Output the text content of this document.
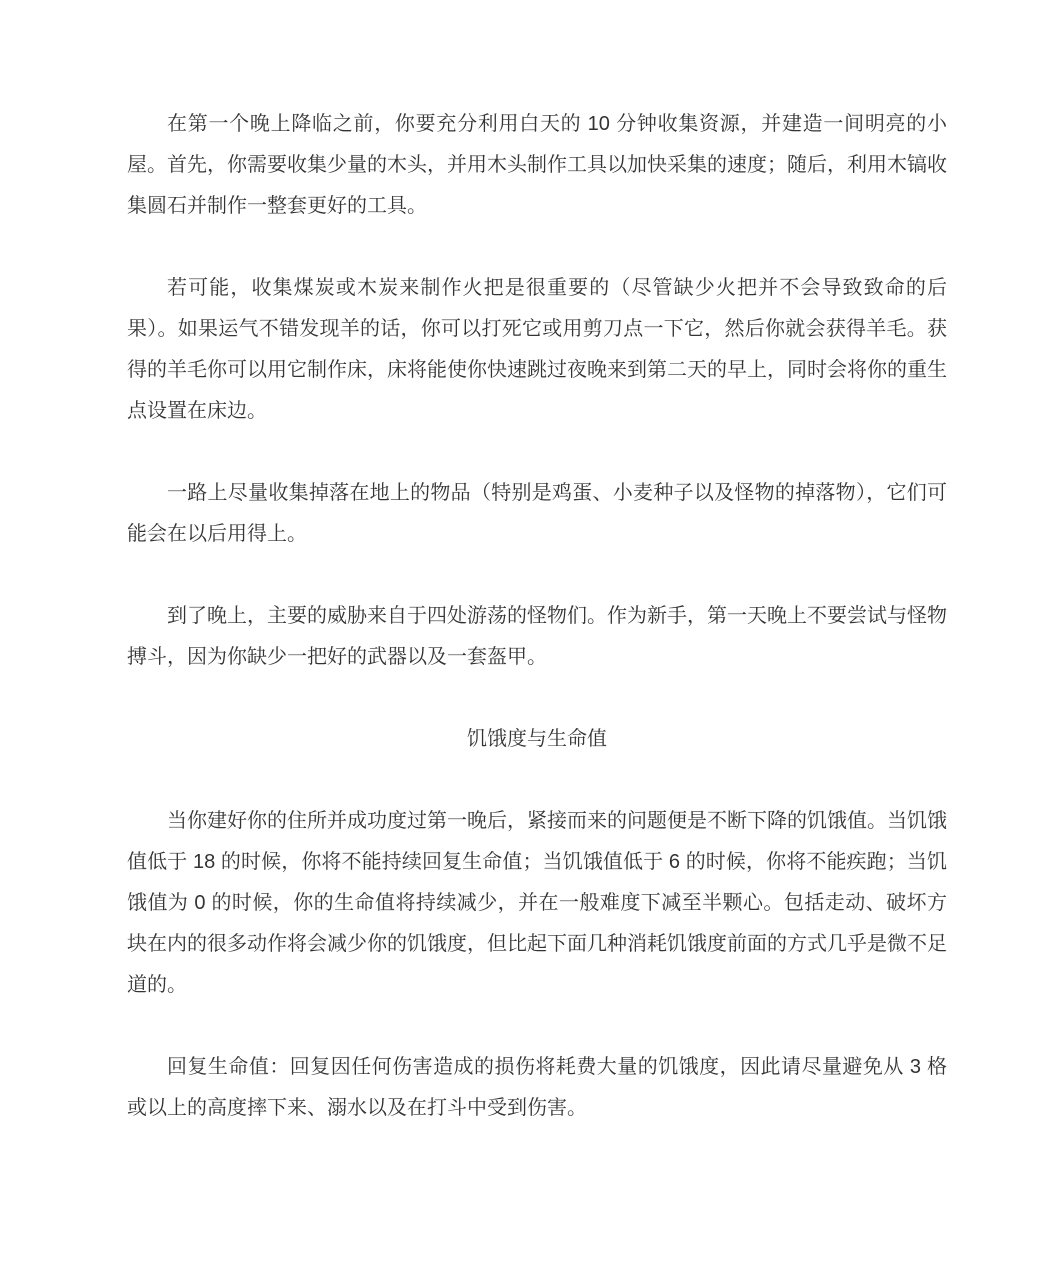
在第一个晚上降临之前，你要充分利用白天的 10 分钟收集资源，并建造一间明亮的小屋。首先，你需要收集少量的木头，并用木头制作工具以加快采集的速度；随后，利用木镐收集圆石并制作一整套更好的工具。

若可能，收集煤炭或木炭来制作火把是很重要的（尽管缺少火把并不会导致致命的后果）。如果运气不错发现羊的话，你可以打死它或用剪刀点一下它，然后你就会获得羊毛。获得的羊毛你可以用它制作床，床将能使你快速跳过夜晚来到第二天的早上，同时会将你的重生点设置在床边。

一路上尽量收集掉落在地上的物品（特别是鸡蛋、小麦种子以及怪物的掉落物），它们可能会在以后用得上。

到了晚上，主要的威胁来自于四处游荡的怪物们。作为新手，第一天晚上不要尝试与怪物搏斗，因为你缺少一把好的武器以及一套盔甲。

饥饿度与生命值

当你建好你的住所并成功度过第一晚后，紧接而来的问题便是不断下降的饥饿值。当饥饿值低于 18 的时候，你将不能持续回复生命值；当饥饿值低于 6 的时候，你将不能疾跑；当饥饿值为 0 的时候，你的生命值将持续减少，并在一般难度下减至半颗心。包括走动、破坏方块在内的很多动作将会减少你的饥饿度，但比起下面几种消耗饥饿度前面的方式几乎是微不足道的。

回复生命值：回复因任何伤害造成的损伤将耗费大量的饥饿度，因此请尽量避免从 3 格或以上的高度摔下来、溺水以及在打斗中受到伤害。
